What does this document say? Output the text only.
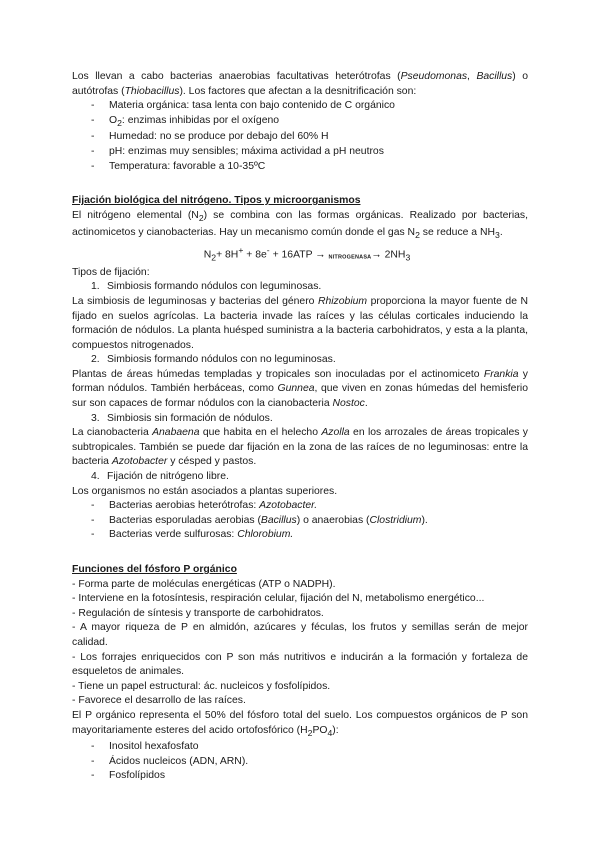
Los llevan a cabo bacterias anaerobias facultativas heterótrofas (Pseudomonas, Bacillus) o autótrofas (Thiobacillus). Los factores que afectan a la desnitrificación son:

-	Materia orgánica: tasa lenta con bajo contenido de C orgánico
-	$O_2$: enzimas inhibidas por el oxígeno
-	Humedad: no se produce por debajo del 60% H
-	pH: enzimas muy sensibles; máxima actividad a pH neutros
-	Temperatura: favorable a 10-35ºC
Fijación biológica del nitrógeno. Tipos y microorganismos

El nitrógeno elemental $(N_2)$ se combina con las formas orgánicas. Realizado por bacterias, actinomicetos y cianobacterias. Hay un mecanismo común donde el gas $N_2$ se reduce a $NH_3$.

$N_2+ 8H^+ + 8e^- + 16ATP$ → NITROGENASA→ $2NH_3$

Tipos de fijación:

1. Simbiosis formando nódulos con leguminosas.

La simbiosis de leguminosas y bacterias del género Rhizobium proporciona la mayor fuente de N fijado en suelos agrícolas. La bacteria invade las raíces y las células corticales induciendo la formación de nódulos. La planta huésped suministra a la bacteria carbohidratos, y esta a la planta, compuestos nitrogenados.

2. Simbiosis formando nódulos con no leguminosas.

Plantas de áreas húmedas templadas y tropicales son inoculadas por el actinomiceto Frankia y forman nódulos. También herbáceas, como Gunnea, que viven en zonas húmedas del hemisferio sur son capaces de formar nódulos con la cianobacteria Nostoc.

3. Simbiosis sin formación de nódulos.

La cianobacteria Anabaena que habita en el helecho Azolla en los arrozales de áreas tropicales y subtropicales. También se puede dar fijación en la zona de las raíces de no leguminosas: entre la bacteria Azotobacter y césped y pastos.

4. Fijación de nitrógeno libre.

Los organismos no están asociados a plantas superiores.

-	Bacterias aerobias heterótrofas: Azotobacter.
-	Bacterias esporuladas aerobias (Bacillus) o anaerobias (Clostridium).
-	Bacterias verde sulfurosas: Chlorobium.
Funciones del fósforo P orgánico

- Forma parte de moléculas energéticas (ATP o NADPH).

- Interviene en la fotosíntesis, respiración celular, fijación del N, metabolismo energético...

- Regulación de síntesis y transporte de carbohidratos.

- A mayor riqueza de P en almidón, azúcares y féculas, los frutos y semillas serán de mejor calidad.

- Los forrajes enriquecidos con P son más nutritivos e inducirán a la formación y fortaleza de esqueletos de animales.

- Tiene un papel estructural: ác. nucleicos y fosfolípidos.

- Favorece el desarrollo de las raíces.

El P orgánico representa el 50% del fósforo total del suelo. Los compuestos orgánicos de P son mayoritariamente esteres del acido ortofosfórico $(H_2PO_4)$:

-	Inositol hexafosfato
-	Ácidos nucleicos (ADN, ARN).
-	Fosfolípidos
